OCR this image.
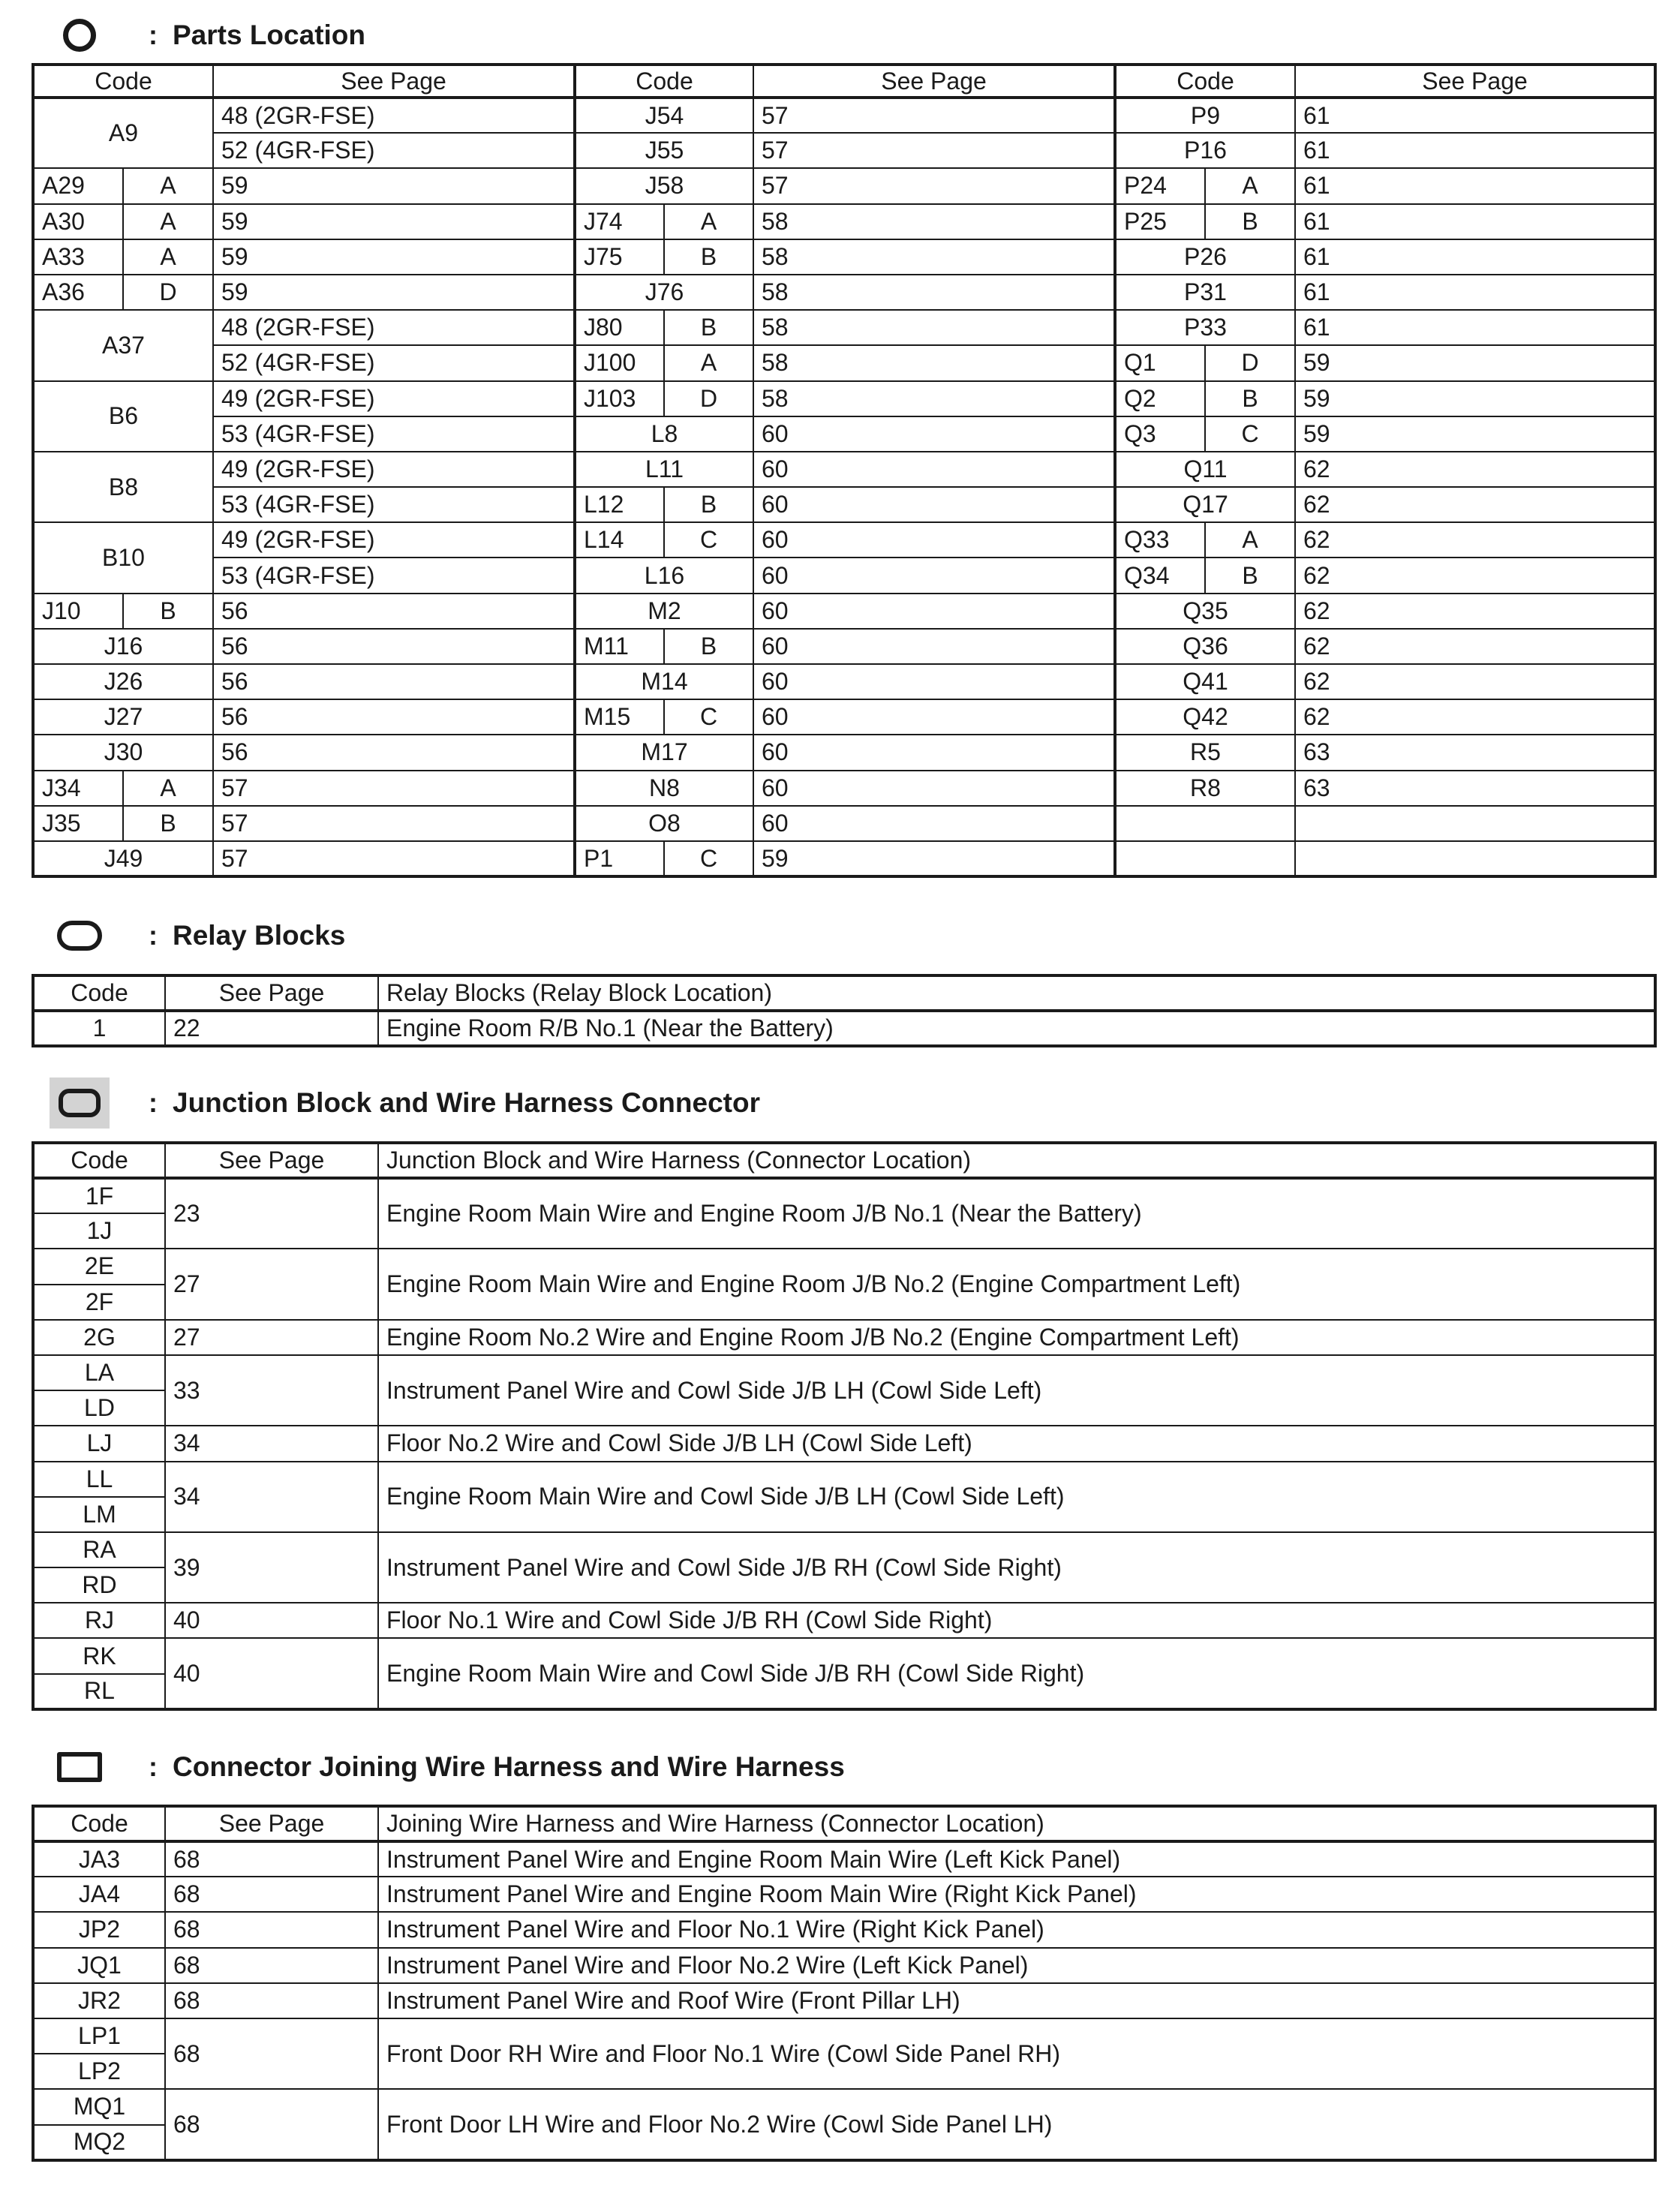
: Parts Location
Code		See Page	Code		See Page	Code		See Page
A9		48 (2GR-FSE)	J54		57	P9		61
		52 (4GR-FSE)	J55		57	P16		61
A29	A	59	J58		57	P24	A	61
A30	A	59	J74	A	58	P25	B	61
A33	A	59	J75	B	58	P26		61
A36	D	59	J76		58	P31		61
A37		48 (2GR-FSE)	J80	B	58	P33		61
		52 (4GR-FSE)	J100	A	58	Q1	D	59
B6		49 (2GR-FSE)	J103	D	58	Q2	B	59
		53 (4GR-FSE)	L8		60	Q3	C	59
B8		49 (2GR-FSE)	L11		60	Q11		62
		53 (4GR-FSE)	L12	B	60	Q17		62
B10		49 (2GR-FSE)	L14	C	60	Q33	A	62
		53 (4GR-FSE)	L16		60	Q34	B	62
J10	B	56	M2		60	Q35		62
J16		56	M11	B	60	Q36		62
J26		56	M14		60	Q41		62
J27		56	M15	C	60	Q42		62
J30		56	M17		60	R5		63
J34	A	57	N8		60	R8		63
J35	B	57	O8		60			
J49		57	P1	C	59			
: Relay Blocks
Code	See Page	Relay Blocks (Relay Block Location)
1	22	Engine Room R/B No.1 (Near the Battery)
: Junction Block and Wire Harness Connector
Code	See Page	Junction Block and Wire Harness (Connector Location)
1F	23	Engine Room Main Wire and Engine Room J/B No.1 (Near the Battery)
1J		
2E	27	Engine Room Main Wire and Engine Room J/B No.2 (Engine Compartment Left)
2F		
2G	27	Engine Room No.2 Wire and Engine Room J/B No.2 (Engine Compartment Left)
LA	33	Instrument Panel Wire and Cowl Side J/B LH (Cowl Side Left)
LD		
LJ	34	Floor No.2 Wire and Cowl Side J/B LH (Cowl Side Left)
LL	34	Engine Room Main Wire and Cowl Side J/B LH (Cowl Side Left)
LM		
RA	39	Instrument Panel Wire and Cowl Side J/B RH (Cowl Side Right)
RD		
RJ	40	Floor No.1 Wire and Cowl Side J/B RH (Cowl Side Right)
RK	40	Engine Room Main Wire and Cowl Side J/B RH (Cowl Side Right)
RL		
: Connector Joining Wire Harness and Wire Harness
Code	See Page	Joining Wire Harness and Wire Harness (Connector Location)
JA3	68	Instrument Panel Wire and Engine Room Main Wire (Left Kick Panel)
JA4	68	Instrument Panel Wire and Engine Room Main Wire (Right Kick Panel)
JP2	68	Instrument Panel Wire and Floor No.1 Wire (Right Kick Panel)
JQ1	68	Instrument Panel Wire and Floor No.2 Wire (Left Kick Panel)
JR2	68	Instrument Panel Wire and Roof Wire (Front Pillar LH)
LP1	68	Front Door RH Wire and Floor No.1 Wire (Cowl Side Panel RH)
LP2		
MQ1	68	Front Door LH Wire and Floor No.2 Wire (Cowl Side Panel LH)
MQ2		
